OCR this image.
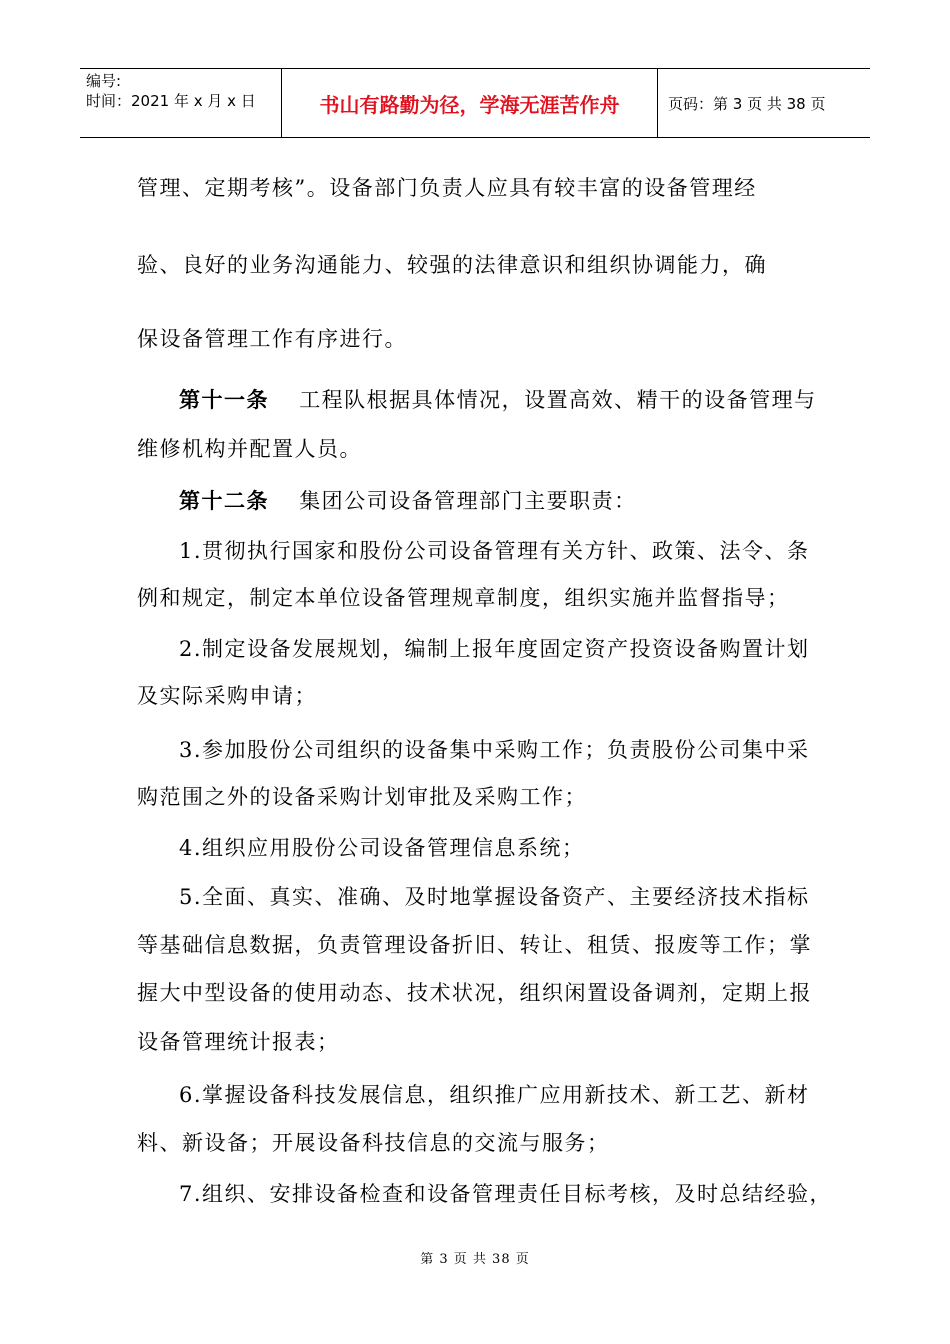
编号:
时间：2021 年 x 月 x 日	书山有路勤为径，学海无涯苦作舟	页码：第 3 页 共 38 页
管理、定期考核”。设备部门负责人应具有较丰富的设备管理经
验、良好的业务沟通能力、较强的法律意识和组织协调能力，确
保设备管理工作有序进行。
第十一条 工程队根据具体情况，设置高效、精干的设备管理与
维修机构并配置人员。
第十二条 集团公司设备管理部门主要职责：
1.贯彻执行国家和股份公司设备管理有关方针、政策、法令、条
例和规定，制定本单位设备管理规章制度，组织实施并监督指导；
2.制定设备发展规划，编制上报年度固定资产投资设备购置计划
及实际采购申请；
3.参加股份公司组织的设备集中采购工作；负责股份公司集中采
购范围之外的设备采购计划审批及采购工作；
4.组织应用股份公司设备管理信息系统；
5.全面、真实、准确、及时地掌握设备资产、主要经济技术指标
等基础信息数据，负责管理设备折旧、转让、租赁、报废等工作；掌
握大中型设备的使用动态、技术状况，组织闲置设备调剂，定期上报
设备管理统计报表；
6.掌握设备科技发展信息，组织推广应用新技术、新工艺、新材
料、新设备；开展设备科技信息的交流与服务；
7.组织、安排设备检查和设备管理责任目标考核，及时总结经验，
第 3 页 共 38 页
